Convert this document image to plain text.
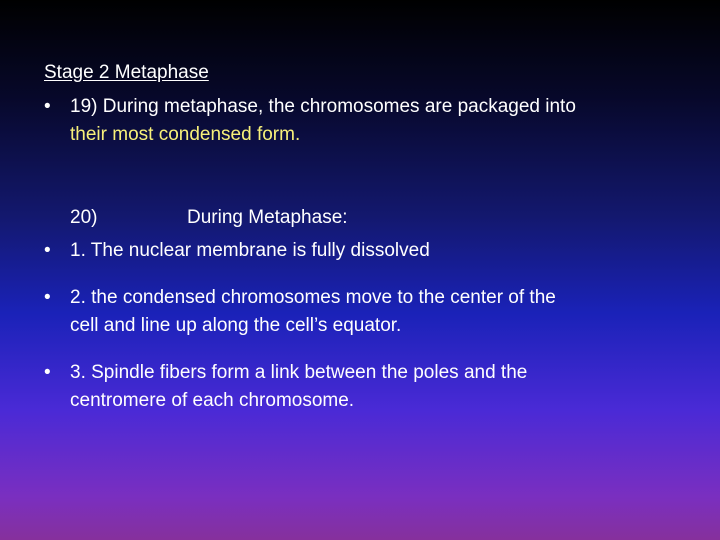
Stage 2 Metaphase
• 19) During metaphase, the chromosomes are packaged into
their most condensed form.
20)	During Metaphase:
• 1. The nuclear membrane is fully dissolved
• 2. the condensed chromosomes move to the center of the
cell and line up along the cell’s equator.
• 3. Spindle fibers form a link between the poles and the
centromere of each chromosome.
